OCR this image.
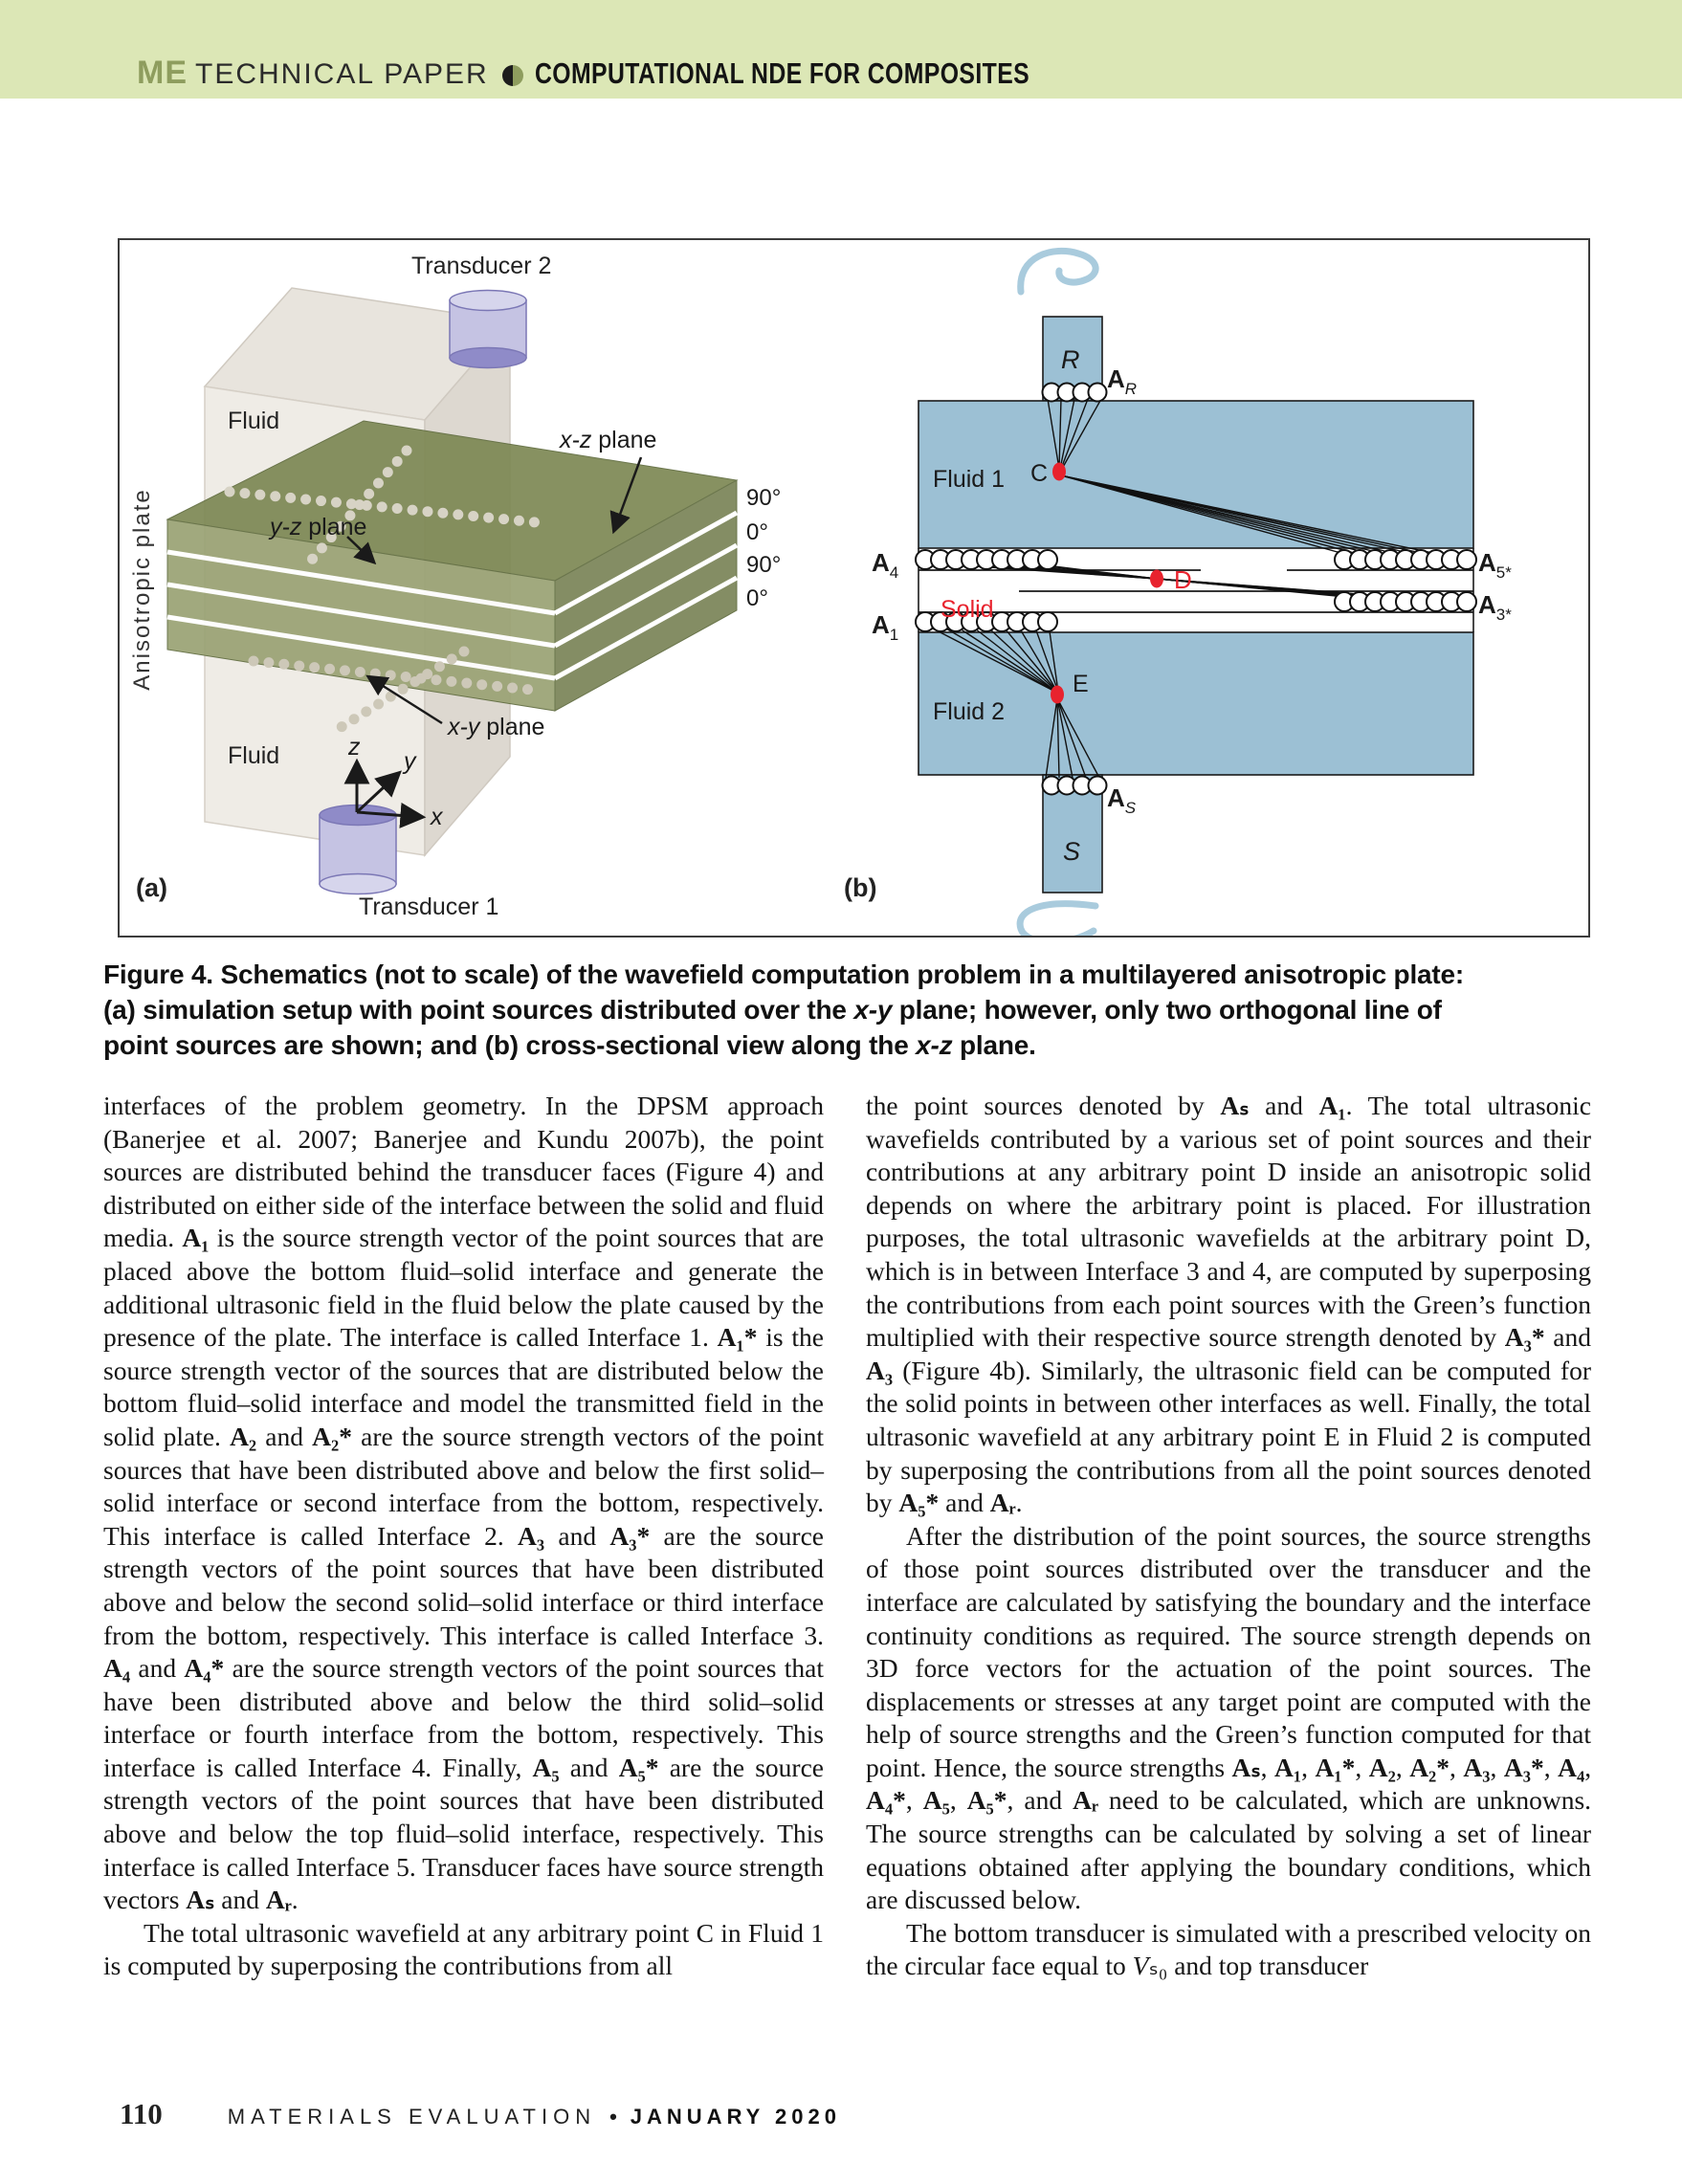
ME TECHNICAL PAPER COMPUTATIONAL NDE FOR COMPOSITES
Transducer 2
Fluid
x-z plane
y-z plane
x-y plane
90°
0°
90°
0°
Anisotropic plate
Fluid	z
y
x
Transducer 1
R
AR
Fluid 1 C
A4	A5*
A3*
A1
D
Solid
Fluid 2
E
AS
S
(a)	(b)
Figure 4. Schematics (not to scale) of the wavefield computation problem in a multilayered anisotropic plate: (a) simulation setup with point sources distributed over the x-y plane; however, only two orthogonal line of point sources are shown; and (b) cross-sectional view along the x-z plane.

interfaces of the problem geometry. In the DPSM approach (Banerjee et al. 2007; Banerjee and Kundu 2007b), the point sources are distributed behind the transducer faces (Figure 4) and distributed on either side of the interface between the solid and fluid media. A₁ is the source strength vector of the point sources that are placed above the bottom fluid–solid interface and generate the additional ultrasonic field in the fluid below the plate caused by the presence of the plate. The interface is called Interface 1. A₁* is the source strength vector of the sources that are distributed below the bottom fluid–solid interface and model the transmitted field in the solid plate. A₂ and A₂* are the source strength vectors of the point sources that have been distributed above and below the first solid–solid interface or second interface from the bottom, respectively. This interface is called Interface 2. A₃ and A₃* are the source strength vectors of the point sources that have been distributed above and below the second solid–solid interface or third interface from the bottom, respectively. This interface is called Interface 3. A₄ and A₄* are the source strength vectors of the point sources that have been distributed above and below the third solid–solid interface or fourth interface from the bottom, respectively. This interface is called Interface 4. Finally, A₅ and A₅* are the source strength vectors of the point sources that have been distributed above and below the top fluid–solid interface, respectively. This interface is called Interface 5. Transducer faces have source strength vectors Aₛ and Aᵣ.

The total ultrasonic wavefield at any arbitrary point C in Fluid 1 is computed by superposing the contributions from all

the point sources denoted by Aₛ and A₁. The total ultrasonic wavefields contributed by a various set of point sources and their contributions at any arbitrary point D inside an anisotropic solid depends on where the arbitrary point is placed. For illustration purposes, the total ultrasonic wavefields at the arbitrary point D, which is in between Interface 3 and 4, are computed by superposing the contributions from each point sources with the Green’s function multiplied with their respective source strength denoted by A₃* and A₃ (Figure 4b). Similarly, the ultrasonic field can be computed for the solid points in between other interfaces as well. Finally, the total ultrasonic wavefield at any arbitrary point E in Fluid 2 is computed by superposing the contributions from all the point sources denoted by A₅* and Aᵣ.

After the distribution of the point sources, the source strengths of those point sources distributed over the transducer and the interface are calculated by satisfying the boundary and the interface continuity conditions as required. The source strength depends on 3D force vectors for the actuation of the point sources. The displacements or stresses at any target point are computed with the help of source strengths and the Green’s function computed for that point. Hence, the source strengths Aₛ, A₁, A₁*, A₂, A₂*, A₃, A₃*, A₄, A₄*, A₅, A₅*, and Aᵣ need to be calculated, which are unknowns. The source strengths can be calculated by solving a set of linear equations obtained after applying the boundary conditions, which are discussed below.

The bottom transducer is simulated with a prescribed velocity on the circular face equal to Vₛ₀ and top transducer

110	MATERIALS EVALUATION • JANUARY 2020
